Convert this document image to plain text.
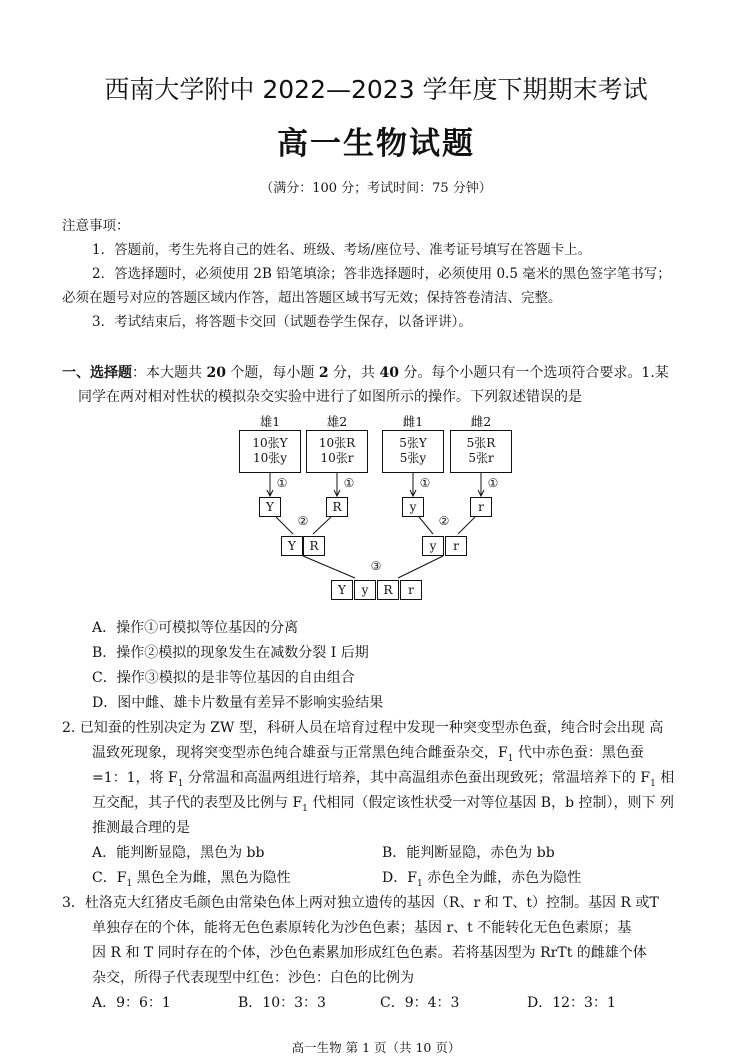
西南大学附中 2022—2023 学年度下期期末考试
高一生物试题
（满分：100 分；考试时间：75 分钟）
注意事项：
1．答题前，考生先将自己的姓名、班级、考场/座位号、准考证号填写在答题卡上。
2．答选择题时，必须使用 2B 铅笔填涂；答非选择题时，必须使用 0.5 毫米的黑色签字笔书写；
必须在题号对应的答题区域内作答，超出答题区域书写无效；保持答卷清洁、完整。
3．考试结束后，将答题卡交回（试题卷学生保存，以备评讲）。
一、选择题：本大题共 20 个题，每小题 2 分，共 40 分。每个小题只有一个选项符合要求。1.某
同学在两对相对性状的模拟杂交实验中进行了如图所示的操作。下列叙述错误的是
雄1	雄2	雌1	雌2
10张Y
10张y
10张R
10张r
5张Y
5张y
5张R
5张r
①	①	①	①
Y	R	y	r
②	②
Y	R	y	r
③
Y	y	R	r
A．操作①可模拟等位基因的分离
B．操作②模拟的现象发生在减数分裂 I 后期
C．操作③模拟的是非等位基因的自由组合
D．图中雌、雄卡片数量有差异不影响实验结果
2. 已知蚕的性别决定为 ZW 型，科研人员在培育过程中发现一种突变型赤色蚕，纯合时会出现 高
温致死现象，现将突变型赤色纯合雄蚕与正常黑色纯合雌蚕杂交，$F_1$ 代中赤色蚕：黑色蚕
=1：1，将 $F_1$ 分常温和高温两组进行培养，其中高温组赤色蚕出现致死；常温培养下的 $F_1$ 相
互交配，其子代的表型及比例与 $F_1$ 代相同（假定该性状受一对等位基因 B，b 控制），则下 列
推测最合理的是
A．能判断显隐，黑色为 bb	B．能判断显隐，赤色为 bb
C．$F_1$ 黑色全为雌，黑色为隐性	D．$F_1$ 赤色全为雌，赤色为隐性
3．杜洛克大红猪皮毛颜色由常染色体上两对独立遗传的基因（R、r 和 T、t）控制。基因 R 或T
单独存在的个体，能将无色色素原转化为沙色色素；基因 r、t 不能转化无色色素原；基
因 R 和 T 同时存在的个体，沙色色素累加形成红色色素。若将基因型为 RrTt 的雌雄个体
杂交，所得子代表现型中红色：沙色：白色的比例为
A．9：6：1	B．10：3：3	C．9：4：3	D．12：3：1
高一生物 第 1 页（共 10 页）
